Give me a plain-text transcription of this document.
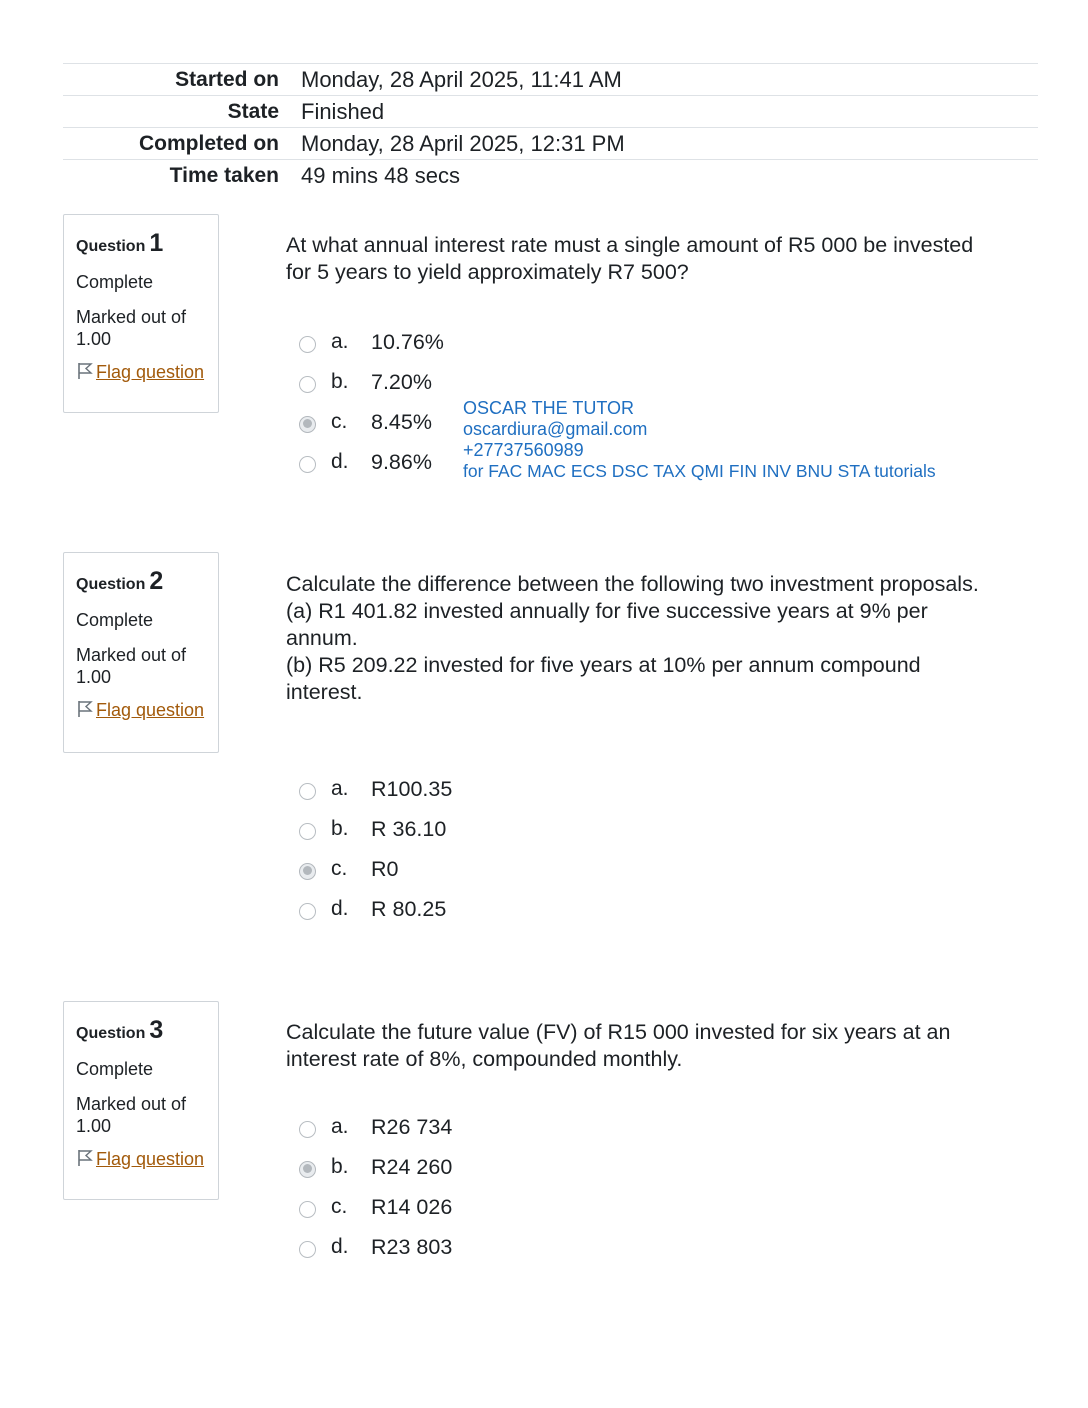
Started on Monday, 28 April 2025, 11:41 AM
State Finished
Completed on Monday, 28 April 2025, 12:31 PM
Time taken 49 mins 48 secs
Question 1
Complete
Marked out of 1.00
Flag question
At what annual interest rate must a single amount of R5 000 be invested for 5 years to yield approximately R7 500?
a. 10.76%
b. 7.20%
c. 8.45%
d. 9.86%
OSCAR THE TUTOR
oscardiura@gmail.com
+27737560989
for FAC MAC ECS DSC TAX QMI FIN INV BNU STA tutorials
Question 2
Complete
Marked out of 1.00
Flag question
Calculate the difference between the following two investment proposals.
(a) R1 401.82 invested annually for five successive years at 9% per annum.
(b) R5 209.22 invested for five years at 10% per annum compound interest.
a. R100.35
b. R 36.10
c. R0
d. R 80.25
Question 3
Complete
Marked out of 1.00
Flag question
Calculate the future value (FV) of R15 000 invested for six years at an interest rate of 8%, compounded monthly.
a. R26 734
b. R24 260
c. R14 026
d. R23 803
